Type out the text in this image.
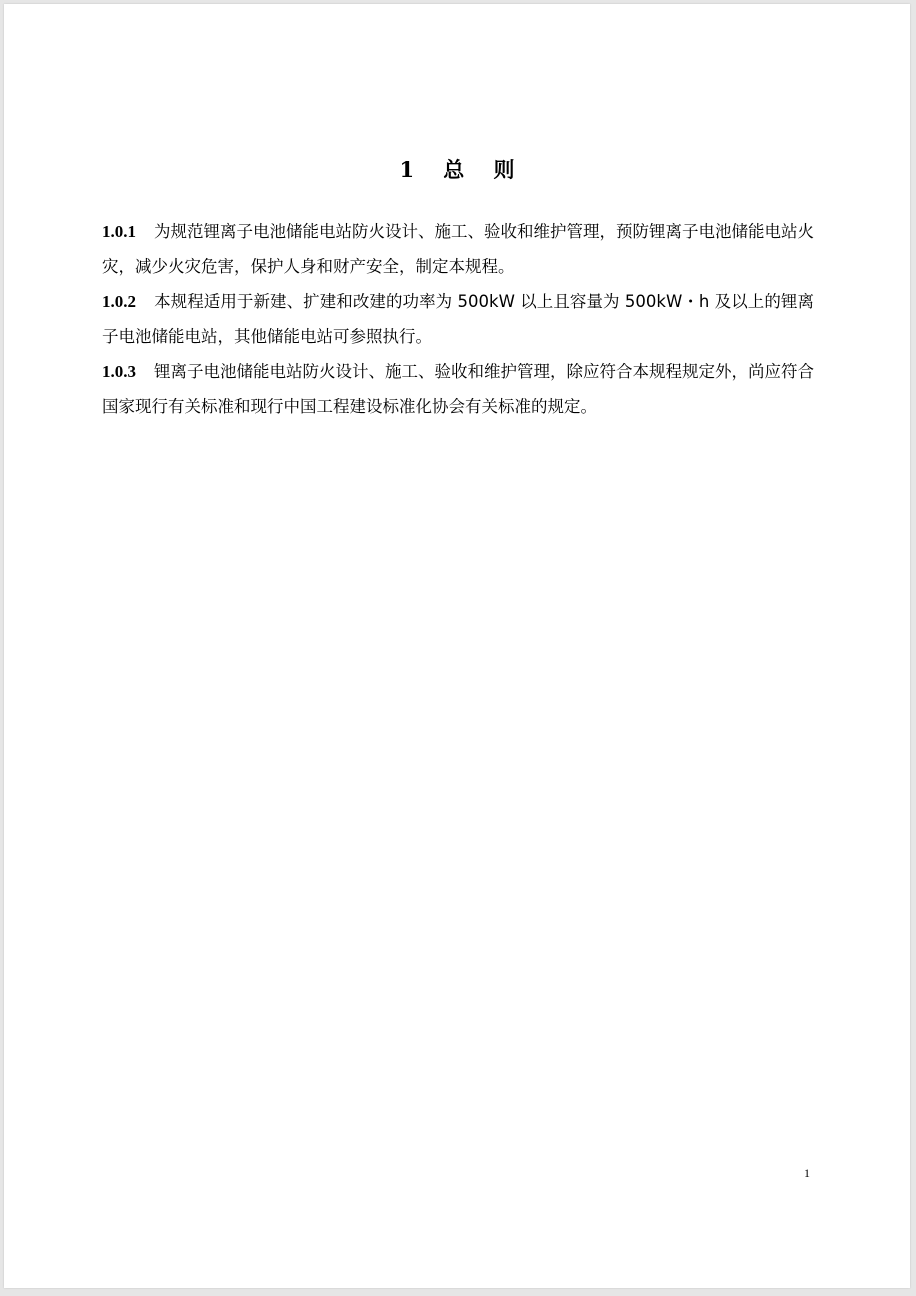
1    总    则

1.0.1 为规范锂离子电池储能电站防火设计、施工、验收和维护管理，预防锂离子电池储能电站火灾，减少火灾危害，保护人身和财产安全，制定本规程。

1.0.2 本规程适用于新建、扩建和改建的功率为 500kW 以上且容量为 500kW・h 及以上的锂离子电池储能电站，其他储能电站可参照执行。

1.0.3 锂离子电池储能电站防火设计、施工、验收和维护管理，除应符合本规程规定外，尚应符合国家现行有关标准和现行中国工程建设标准化协会有关标准的规定。

1
